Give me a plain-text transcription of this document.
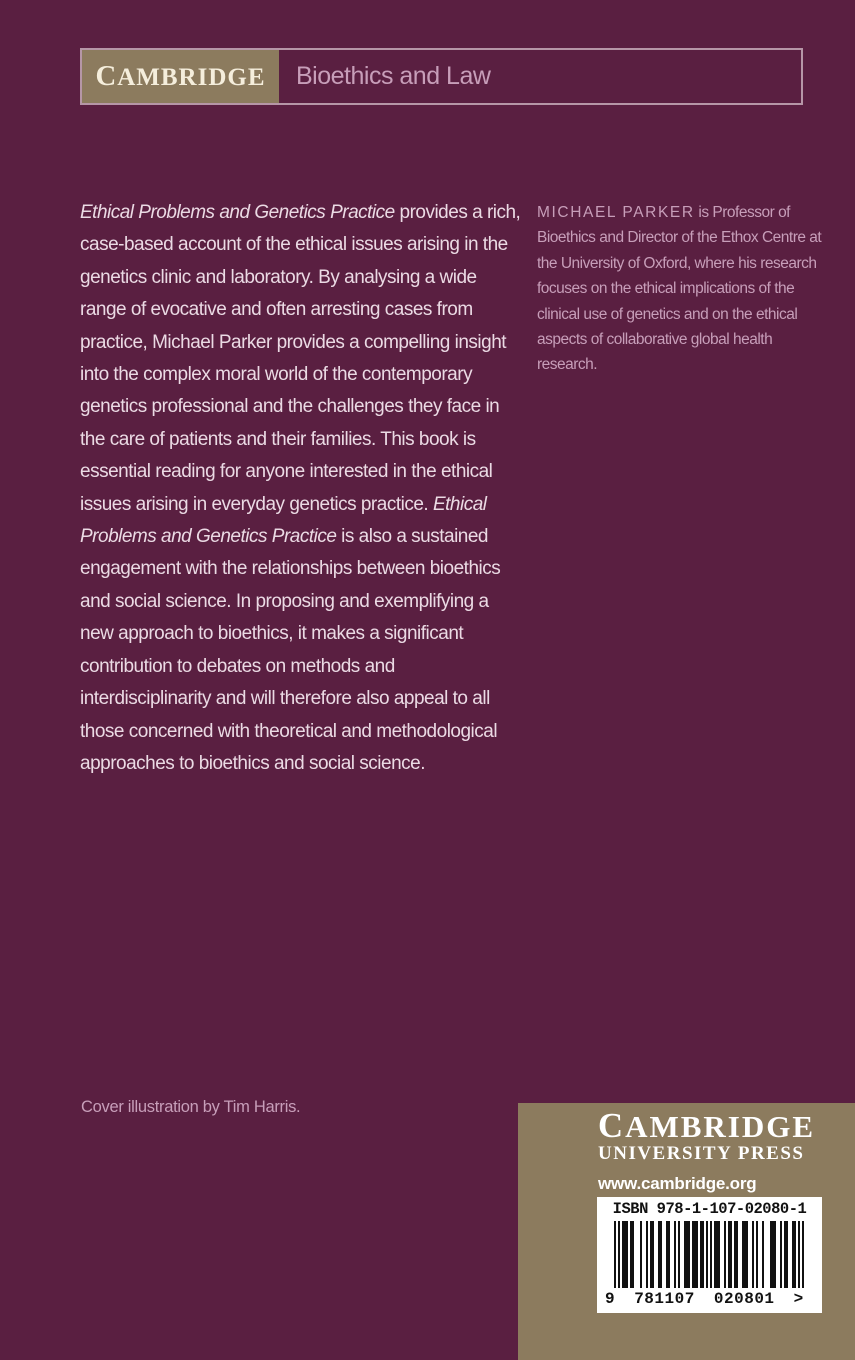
CAMBRIDGE Bioethics and Law

Ethical Problems and Genetics Practice provides a rich, case-based account of the ethical issues arising in the genetics clinic and laboratory. By analysing a wide range of evocative and often arresting cases from practice, Michael Parker provides a compelling insight into the complex moral world of the contemporary genetics professional and the challenges they face in the care of patients and their families. This book is essential reading for anyone interested in the ethical issues arising in everyday genetics practice. Ethical Problems and Genetics Practice is also a sustained engagement with the relationships between bioethics and social science. In proposing and exemplifying a new approach to bioethics, it makes a significant contribution to debates on methods and interdisciplinarity and will therefore also appeal to all those concerned with theoretical and methodological approaches to bioethics and social science.

MICHAEL PARKER is Professor of Bioethics and Director of the Ethox Centre at the University of Oxford, where his research focuses on the ethical implications of the clinical use of genetics and on the ethical aspects of collaborative global health research.

Cover illustration by Tim Harris.	CAMBRIDGE
UNIVERSITY PRESS
www.cambridge.org
ISBN 978-1-107-02080-1
9 781107 020801 >
